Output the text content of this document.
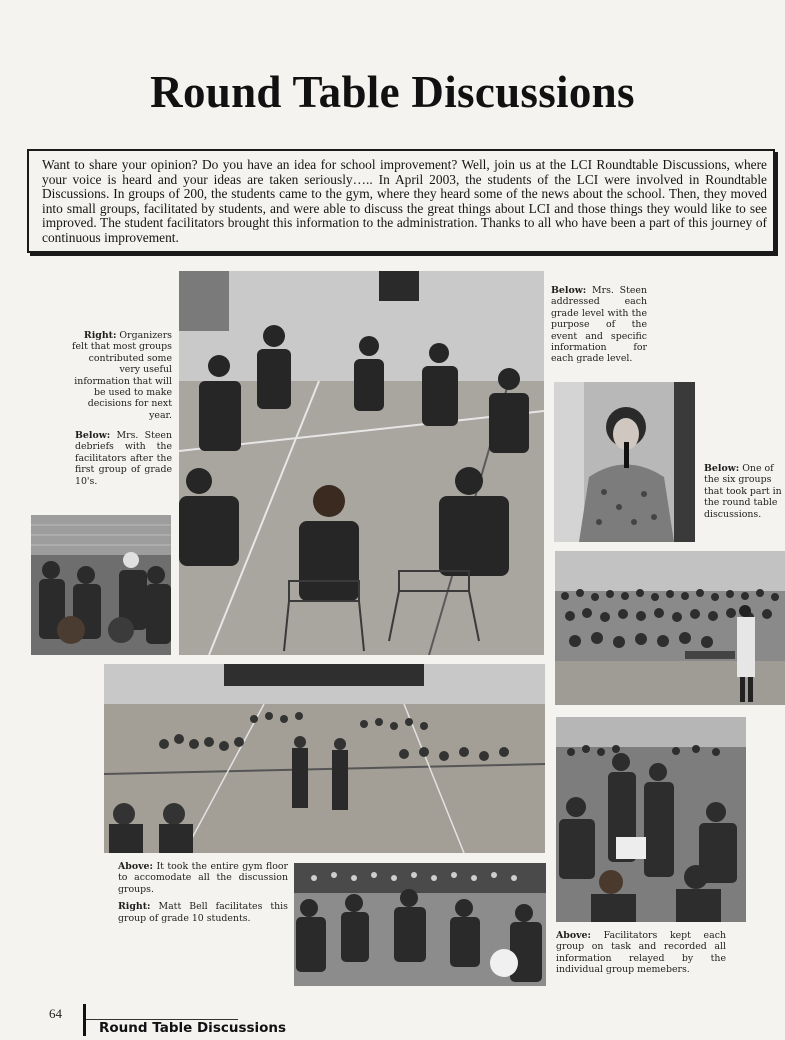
Round Table Discussions
Want to share your opinion? Do you have an idea for school improvement? Well, join us at the LCI Roundtable Discussions, where your voice is heard and your ideas are taken seriously….. In April 2003, the students of the LCI were involved in Roundtable Discussions. In groups of 200, the students came to the gym, where they heard some of the news about the school. Then, they moved into small groups, facilitated by students, and were able to discuss the great things about LCI and those things they would like to see improved. The student facilitators brought this information to the administration. Thanks to all who have been a part of this journey of continuous improvement.

Right: Organizers felt that most groups contributed some very useful information that will be used to make decisions for next year.

Below: Mrs. Steen debriefs with the facilitators after the first group of grade 10's.

Below: Mrs. Steen addressed each grade level with the purpose of the event and specific information for each grade level.

Below: One of the six groups that took part in the round table discussions.

Above: It took the entire gym floor to accomodate all the discussion groups.

Right: Matt Bell facilitates this group of grade 10 students.

Above: Facilitators kept each group on task and recorded all information relayed by the individual group memebers.

64
Round Table Discussions
